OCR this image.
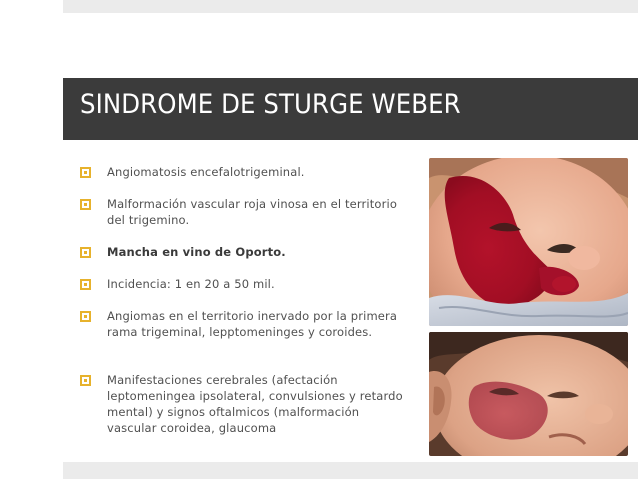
SINDROME DE STURGE WEBER
Angiomatosis encefalotrigeminal.
Malformación vascular roja vinosa en el territorio del trigemino.
Mancha en vino de Oporto.
Incidencia: 1 en 20 a 50 mil.
Angiomas en el territorio inervado por la primera rama trigeminal, lepptomeninges y coroides.
Manifestaciones cerebrales (afectación leptomeningea ipsolateral, convulsiones y retardo mental) y signos oftalmicos (malformación vascular coroidea, glaucoma
